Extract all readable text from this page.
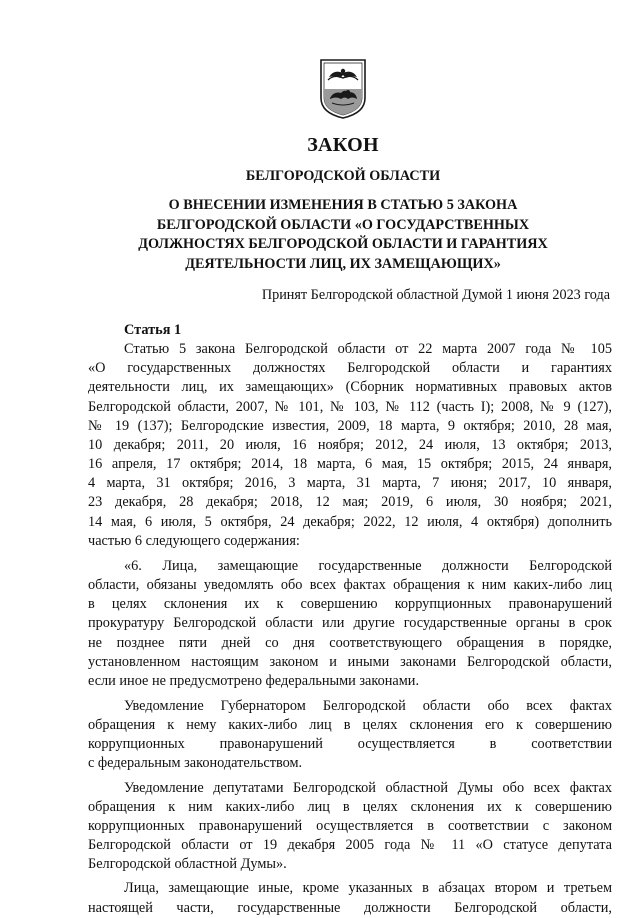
ЗАКОН
БЕЛГОРОДСКОЙ ОБЛАСТИ
О ВНЕСЕНИИ ИЗМЕНЕНИЯ В СТАТЬЮ 5 ЗАКОНА
БЕЛГОРОДСКОЙ ОБЛАСТИ «О ГОСУДАРСТВЕННЫХ
ДОЛЖНОСТЯХ БЕЛГОРОДСКОЙ ОБЛАСТИ И ГАРАНТИЯХ
ДЕЯТЕЛЬНОСТИ ЛИЦ, ИХ ЗАМЕЩАЮЩИХ»
Принят Белгородской областной Думой 1 июня 2023 года
Статья 1
Статью 5 закона Белгородской области от 22 марта 2007 года № 105
«О государственных должностях Белгородской области и гарантиях
деятельности лиц, их замещающих» (Сборник нормативных правовых актов
Белгородской области, 2007, № 101, № 103, № 112 (часть I); 2008, № 9 (127),
№ 19 (137); Белгородские известия, 2009, 18 марта, 9 октября; 2010, 28 мая,
10 декабря; 2011, 20 июля, 16 ноября; 2012, 24 июля, 13 октября; 2013,
16 апреля, 17 октября; 2014, 18 марта, 6 мая, 15 октября; 2015, 24 января,
4 марта, 31 октября; 2016, 3 марта, 31 марта, 7 июня; 2017, 10 января,
23 декабря, 28 декабря; 2018, 12 мая; 2019, 6 июля, 30 ноября; 2021,
14 мая, 6 июля, 5 октября, 24 декабря; 2022, 12 июля, 4 октября) дополнить
частью 6 следующего содержания:
«6. Лица, замещающие государственные должности Белгородской
области, обязаны уведомлять обо всех фактах обращения к ним каких-либо лиц
в целях склонения их к совершению коррупционных правонарушений
прокуратуру Белгородской области или другие государственные органы в срок
не позднее пяти дней со дня соответствующего обращения в порядке,
установленном настоящим законом и иными законами Белгородской области,
если иное не предусмотрено федеральными законами.
Уведомление Губернатором Белгородской области обо всех фактах
обращения к нему каких-либо лиц в целях склонения его к совершению
коррупционных правонарушений осуществляется в соответствии
с федеральным законодательством.
Уведомление депутатами Белгородской областной Думы обо всех фактах
обращения к ним каких-либо лиц в целях склонения их к совершению
коррупционных правонарушений осуществляется в соответствии с законом
Белгородской области от 19 декабря 2005 года № 11 «О статусе депутата
Белгородской областной Думы».
Лица, замещающие иные, кроме указанных в абзацах втором и третьем
настоящей части, государственные должности Белгородской области,
